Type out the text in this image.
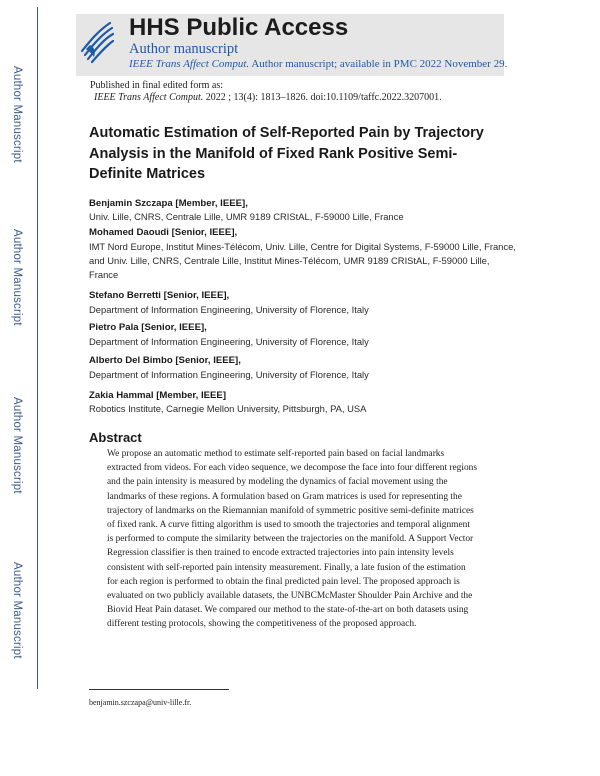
Author Manuscript
Author Manuscript
Author Manuscript
Author Manuscript
HHS Public Access
Author manuscript
IEEE Trans Affect Comput. Author manuscript; available in PMC 2022 November 29.
Published in final edited form as:
IEEE Trans Affect Comput. 2022 ; 13(4): 1813–1826. doi:10.1109/taffc.2022.3207001.
Automatic Estimation of Self-Reported Pain by Trajectory Analysis in the Manifold of Fixed Rank Positive Semi-Definite Matrices
Benjamin Szczapa [Member, IEEE],
Univ. Lille, CNRS, Centrale Lille, UMR 9189 CRIStAL, F-59000 Lille, France
Mohamed Daoudi [Senior, IEEE],
IMT Nord Europe, Institut Mines-Télécom, Univ. Lille, Centre for Digital Systems, F-59000 Lille, France, and Univ. Lille, CNRS, Centrale Lille, Institut Mines-Télécom, UMR 9189 CRIStAL, F-59000 Lille, France
Stefano Berretti [Senior, IEEE],
Department of Information Engineering, University of Florence, Italy
Pietro Pala [Senior, IEEE],
Department of Information Engineering, University of Florence, Italy
Alberto Del Bimbo [Senior, IEEE],
Department of Information Engineering, University of Florence, Italy
Zakia Hammal [Member, IEEE]
Robotics Institute, Carnegie Mellon University, Pittsburgh, PA, USA
Abstract
We propose an automatic method to estimate self-reported pain based on facial landmarks
extracted from videos. For each video sequence, we decompose the face into four different regions
and the pain intensity is measured by modeling the dynamics of facial movement using the
landmarks of these regions. A formulation based on Gram matrices is used for representing the
trajectory of landmarks on the Riemannian manifold of symmetric positive semi-definite matrices
of fixed rank. A curve fitting algorithm is used to smooth the trajectories and temporal alignment
is performed to compute the similarity between the trajectories on the manifold. A Support Vector
Regression classifier is then trained to encode extracted trajectories into pain intensity levels
consistent with self-reported pain intensity measurement. Finally, a late fusion of the estimation
for each region is performed to obtain the final predicted pain level. The proposed approach is
evaluated on two publicly available datasets, the UNBCMcMaster Shoulder Pain Archive and the
Biovid Heat Pain dataset. We compared our method to the state-of-the-art on both datasets using
different testing protocols, showing the competitiveness of the proposed approach.
benjamin.szczapa@univ-lille.fr.
